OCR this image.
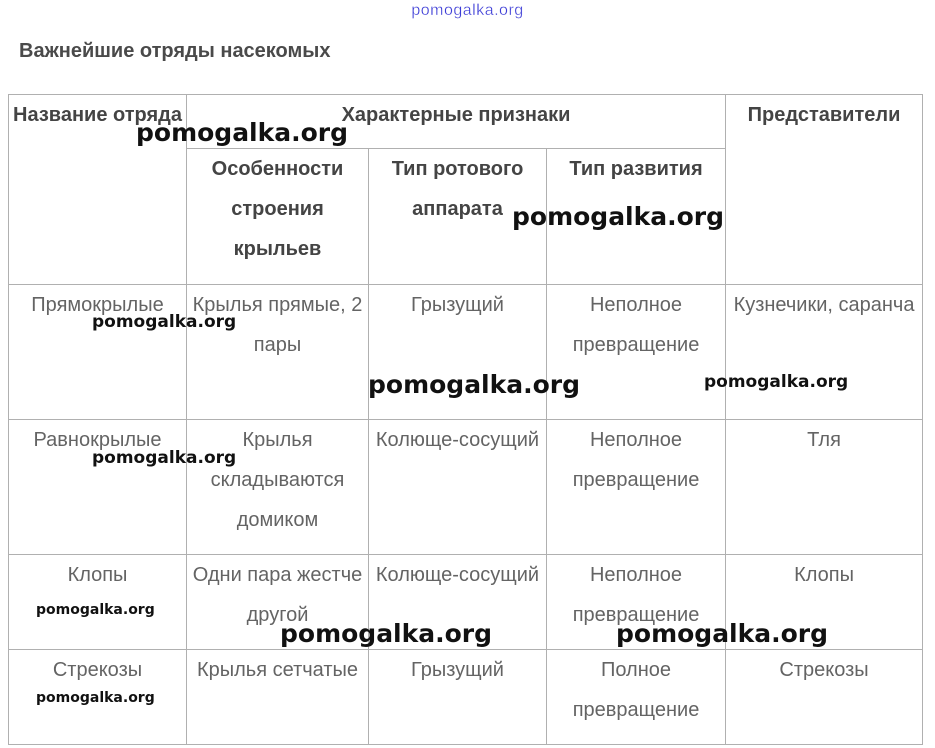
pomogalka.org
Важнейшие отряды насекомых
Название отряда	Характерные признаки			Представители
	Особенности строения крыльев	Тип ротового аппарата	Тип развития	
Прямокрылые	Крылья прямые, 2 пары	Грызущий	Неполное превращение	Кузнечики, саранча
Равнокрылые	Крылья складываются домиком	Колюще-сосущий	Неполное превращение	Тля
Клопы	Одни пара жестче другой	Колюще-сосущий	Неполное превращение	Клопы
Стрекозы	Крылья сетчатые	Грызущий	Полное превращение	Стрекозы
pomogalka.org
pomogalka.org
pomogalka.org
pomogalka.org	pomogalka.org
pomogalka.org
pomogalka.org
pomogalka.org	pomogalka.org
pomogalka.org
